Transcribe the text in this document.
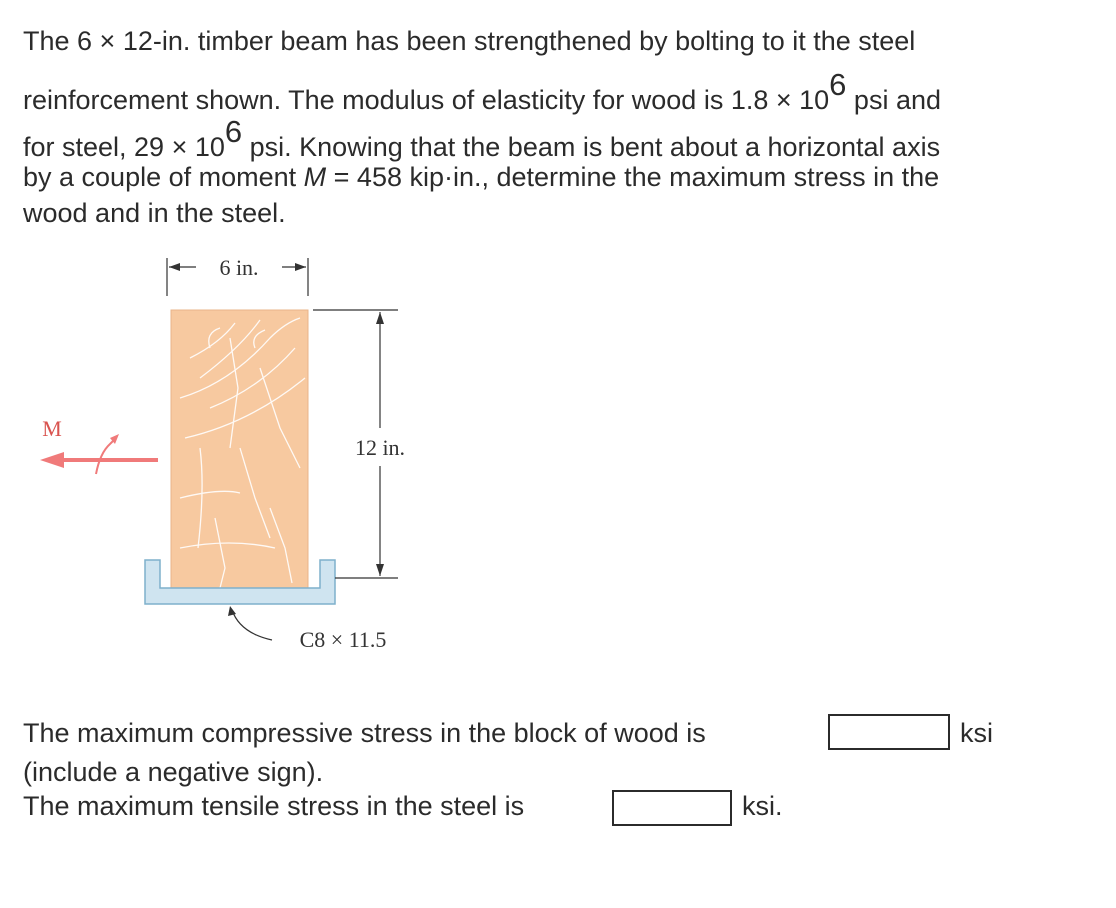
The 6 × 12-in. timber beam has been strengthened by bolting to it the steel
reinforcement shown. The modulus of elasticity for wood is $1.8 \times 10^6$ psi and
for steel, $29 \times 10^6$ psi. Knowing that the beam is bent about a horizontal axis
by a couple of moment M = 458 kip·in., determine the maximum stress in the
wood and in the steel.
6 in.
12 in.
M
C8 × 11.5
The maximum compressive stress in the block of wood is	ksi
(include a negative sign).
The maximum tensile stress in the steel is	ksi.
